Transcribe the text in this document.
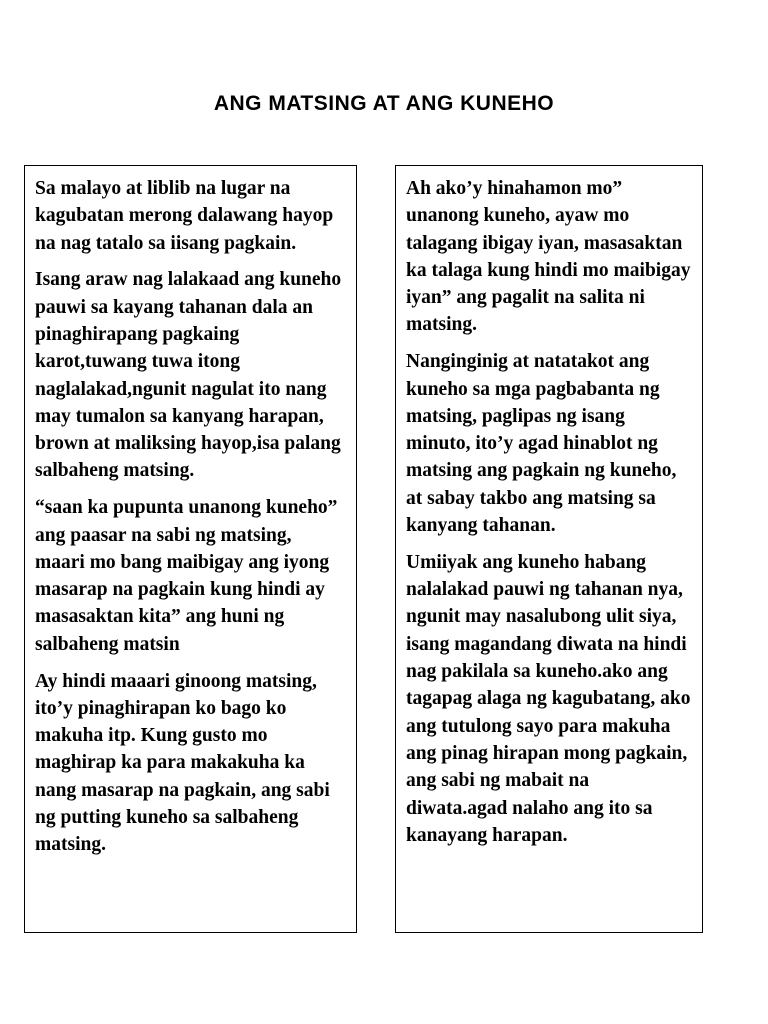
ANG MATSING AT ANG KUNEHO

Sa malayo at liblib na lugar na kagubatan merong dalawang hayop na nag tatalo sa iisang pagkain.

Isang araw nag lalakaad ang kuneho pauwi sa kayang tahanan dala an pinaghirapang pagkaing karot,tuwang tuwa itong naglalakad,ngunit nagulat ito nang may tumalon sa kanyang harapan, brown at maliksing hayop,isa palang salbaheng matsing.

“saan ka pupunta unanong kuneho” ang paasar na sabi ng matsing, maari mo bang maibigay ang iyong masarap na pagkain kung hindi ay masasaktan kita” ang huni ng salbaheng matsin

Ay hindi maaari ginoong matsing, ito’y pinaghirapan ko bago ko makuha itp. Kung gusto mo maghirap ka para makakuha ka nang masarap na pagkain, ang sabi ng putting kuneho sa salbaheng matsing.

Ah ako’y hinahamon mo” unanong kuneho, ayaw mo talagang ibigay iyan, masasaktan ka talaga kung hindi mo maibigay iyan” ang pagalit na salita ni matsing.

Nanginginig at natatakot ang kuneho sa mga pagbabanta ng matsing, paglipas ng isang minuto, ito’y agad hinablot ng matsing ang pagkain ng kuneho, at sabay takbo ang matsing sa kanyang tahanan.

Umiiyak ang kuneho habang nalalakad pauwi ng tahanan nya, ngunit may nasalubong ulit siya, isang magandang diwata na hindi nag pakilala sa kuneho.ako ang tagapag alaga ng kagubatang, ako ang tutulong sayo para makuha ang pinag hirapan mong pagkain, ang sabi ng mabait na diwata.agad nalaho ang ito sa kanayang harapan.
